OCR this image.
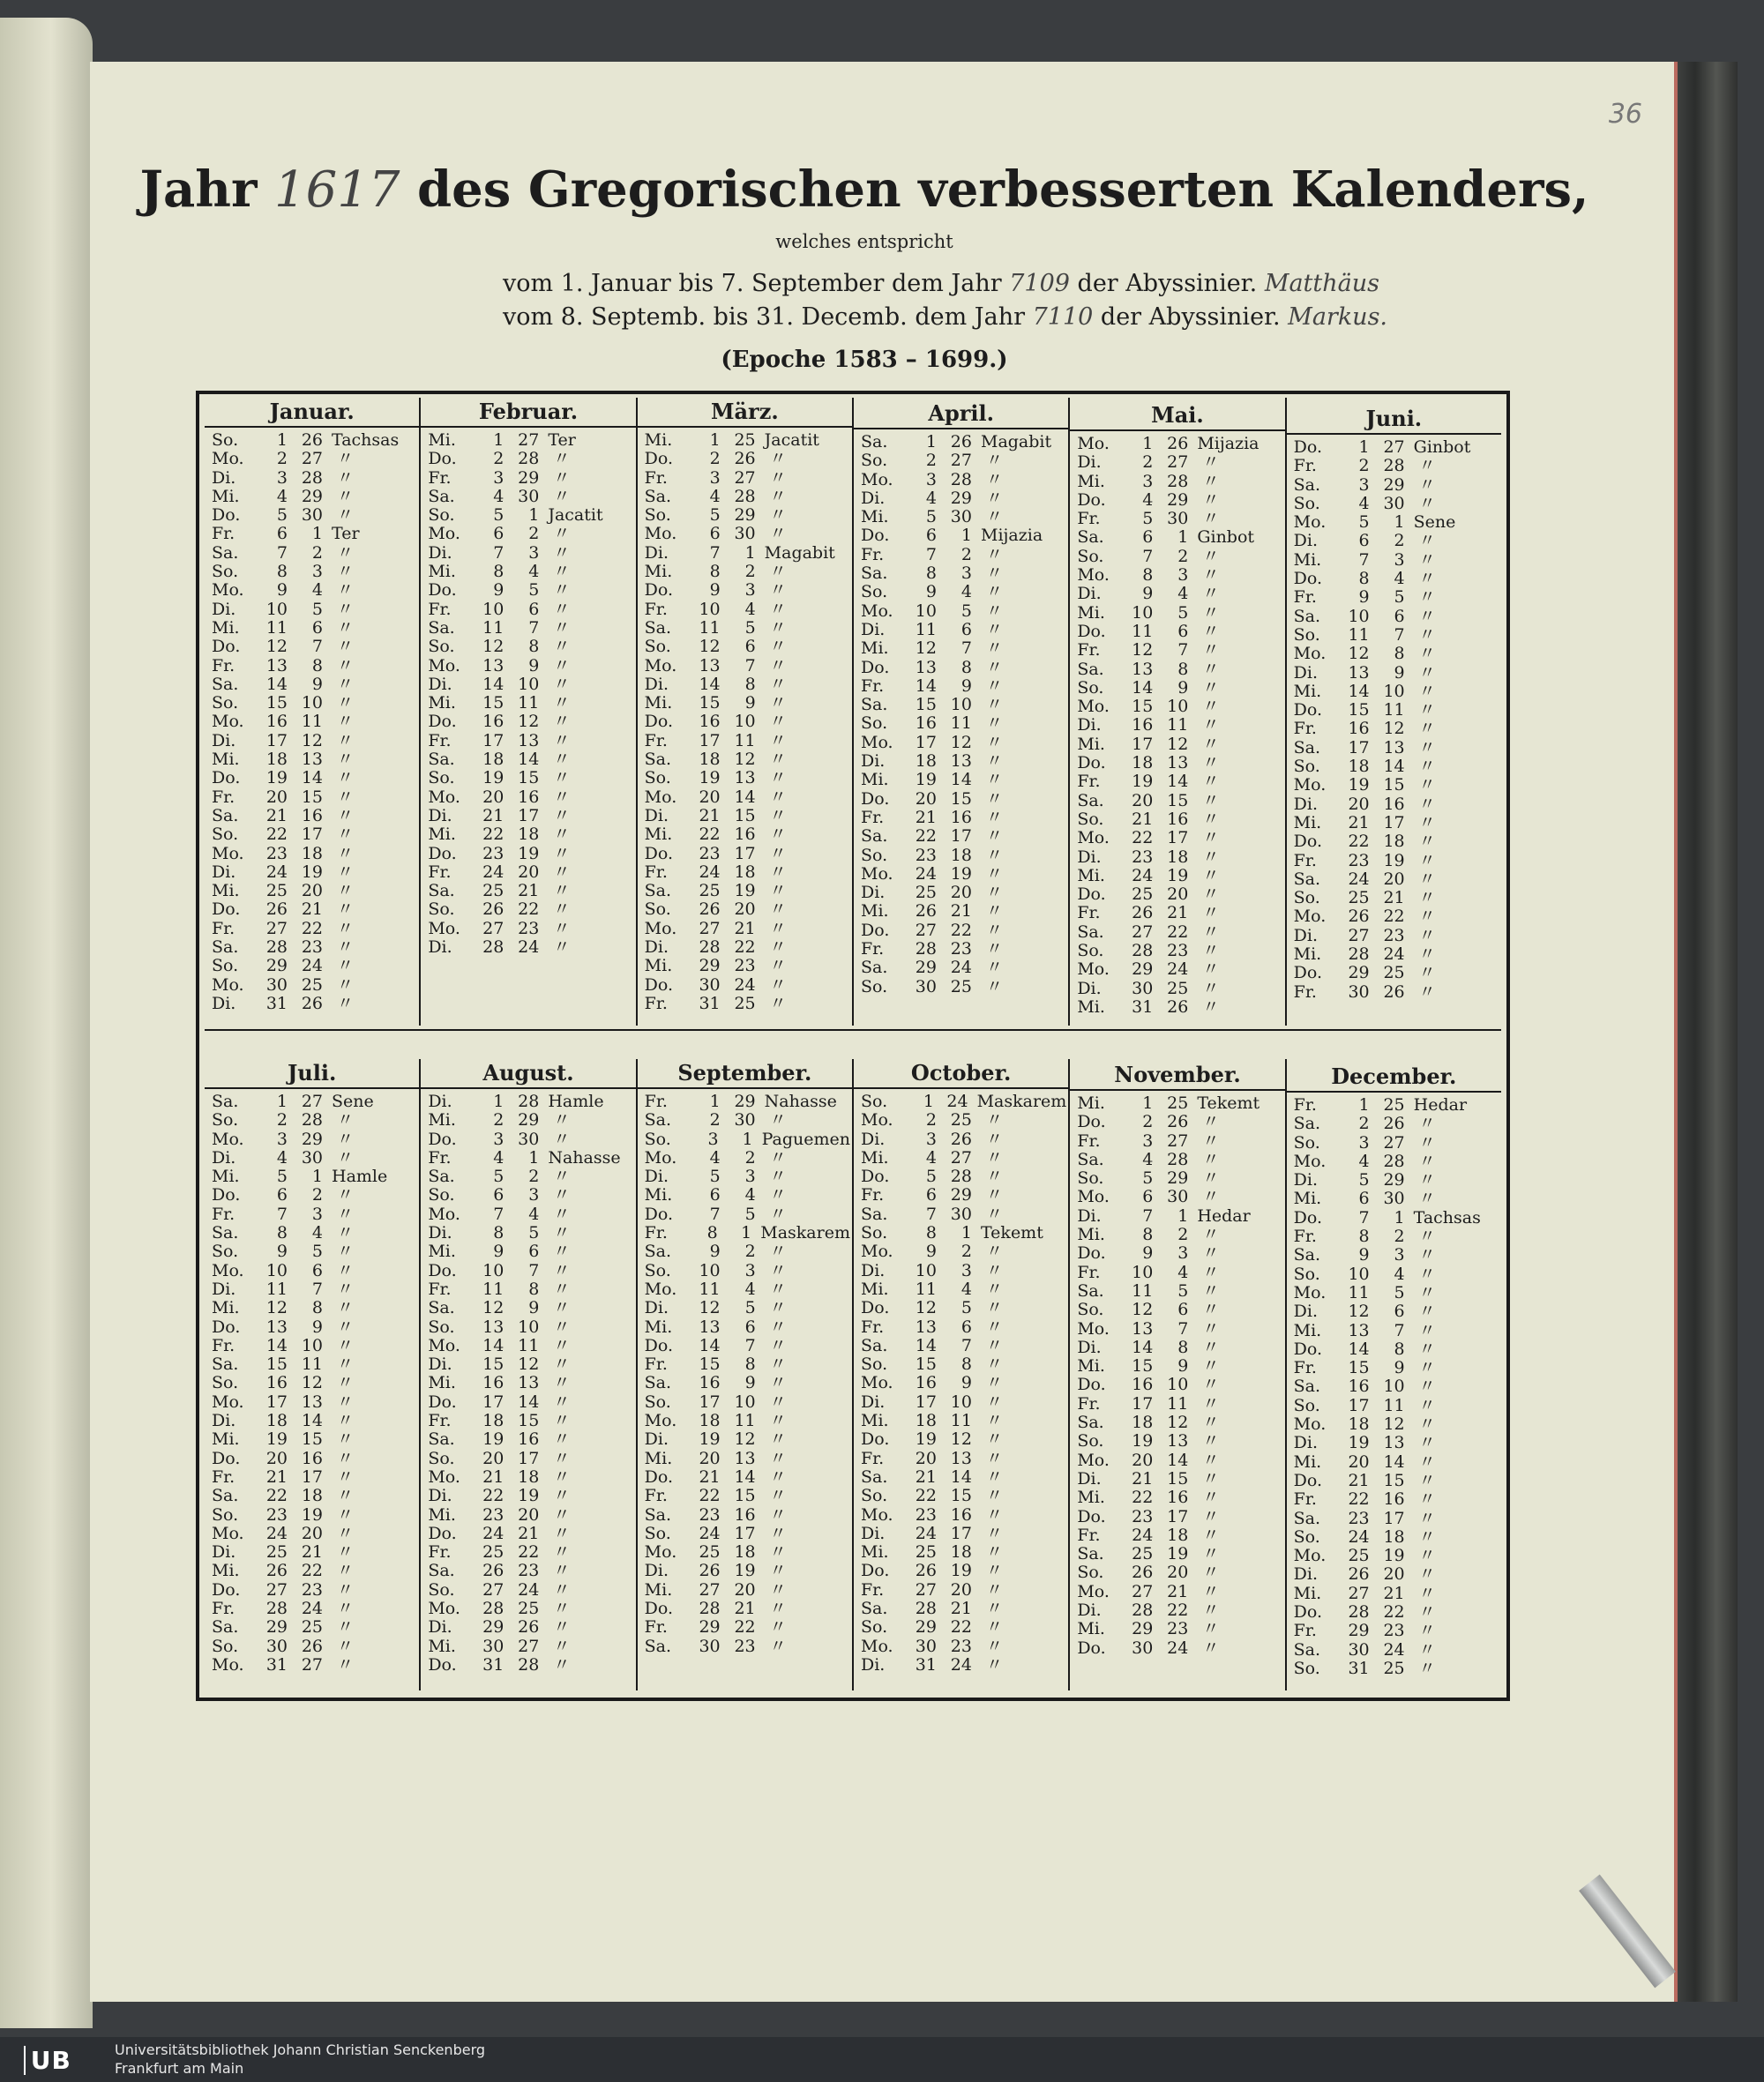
36
Jahr 1617 des Gregorischen verbesserten Kalenders,
welches entspricht
vom 1. Januar bis 7. September dem Jahr 7109 der Abyssinier. Matthäus
vom 8. Septemb. bis 31. Decemb. dem Jahr 7110 der Abyssinier. Markus.
(Epoche 1583 – 1699.)
Januar.
So.	1 26 Tachsas
Mo.	2 27 〃
Di.	3 28 〃
Mi.	4 29 〃
Do.	5 30 〃
Fr.	6	1 Ter
Sa.	7	2 〃
So.	8	3 〃
Mo.	9	4 〃
Di.	10	5 〃
Mi.	11	6 〃
Do.	12	7 〃
Fr.	13	8 〃
Sa.	14	9 〃
So.	15 10 〃
Mo.	16 11 〃
Di.	17 12 〃
Mi.	18 13 〃
Do.	19 14 〃
Fr.	20 15 〃
Sa.	21 16 〃
So.	22 17 〃
Mo.	23 18 〃
Di.	24 19 〃
Mi.	25 20 〃
Do.	26 21 〃
Fr.	27 22 〃
Sa.	28 23 〃
So.	29 24 〃
Mo.	30 25 〃
Di.	31 26 〃
Februar.
Mi.	1 27 Ter
Do.	2 28 〃
Fr.	3 29 〃
Sa.	4 30 〃
So.	5	1 Jacatit
Mo.	6	2 〃
Di.	7	3 〃
Mi.	8	4 〃
Do.	9	5 〃
Fr.	10	6 〃
Sa.	11	7 〃
So.	12	8 〃
Mo.	13	9 〃
Di.	14 10 〃
Mi.	15 11 〃
Do.	16 12 〃
Fr.	17 13 〃
Sa.	18 14 〃
So.	19 15 〃
Mo.	20 16 〃
Di.	21 17 〃
Mi.	22 18 〃
Do.	23 19 〃
Fr.	24 20 〃
Sa.	25 21 〃
So.	26 22 〃
Mo.	27 23 〃
Di.	28 24 〃
März.
Mi.	1 25 Jacatit
Do.	2 26 〃
Fr.	3 27 〃
Sa.	4 28 〃
So.	5 29 〃
Mo.	6 30 〃
Di.	7	1 Magabit
Mi.	8	2 〃
Do.	9	3 〃
Fr.	10	4 〃
Sa.	11	5 〃
So.	12	6 〃
Mo.	13	7 〃
Di.	14	8 〃
Mi.	15	9 〃
Do.	16 10 〃
Fr.	17 11 〃
Sa.	18 12 〃
So.	19 13 〃
Mo.	20 14 〃
Di.	21 15 〃
Mi.	22 16 〃
Do.	23 17 〃
Fr.	24 18 〃
Sa.	25 19 〃
So.	26 20 〃
Mo.	27 21 〃
Di.	28 22 〃
Mi.	29 23 〃
Do.	30 24 〃
Fr.	31 25 〃
April.
Sa.	1 26 Magabit
So.	2 27 〃
Mo.	3 28 〃
Di.	4 29 〃
Mi.	5 30 〃
Do.	6	1 Mijazia
Fr.	7	2 〃
Sa.	8	3 〃
So.	9	4 〃
Mo.	10	5 〃
Di.	11	6 〃
Mi.	12	7 〃
Do.	13	8 〃
Fr.	14	9 〃
Sa.	15 10 〃
So.	16 11 〃
Mo.	17 12 〃
Di.	18 13 〃
Mi.	19 14 〃
Do.	20 15 〃
Fr.	21 16 〃
Sa.	22 17 〃
So.	23 18 〃
Mo.	24 19 〃
Di.	25 20 〃
Mi.	26 21 〃
Do.	27 22 〃
Fr.	28 23 〃
Sa.	29 24 〃
So.	30 25 〃
Mai.
Mo.	1 26 Mijazia
Di.	2 27 〃
Mi.	3 28 〃
Do.	4 29 〃
Fr.	5 30 〃
Sa.	6	1 Ginbot
So.	7	2 〃
Mo.	8	3 〃
Di.	9	4 〃
Mi.	10	5 〃
Do.	11	6 〃
Fr.	12	7 〃
Sa.	13	8 〃
So.	14	9 〃
Mo.	15 10 〃
Di.	16 11 〃
Mi.	17 12 〃
Do.	18 13 〃
Fr.	19 14 〃
Sa.	20 15 〃
So.	21 16 〃
Mo.	22 17 〃
Di.	23 18 〃
Mi.	24 19 〃
Do.	25 20 〃
Fr.	26 21 〃
Sa.	27 22 〃
So.	28 23 〃
Mo.	29 24 〃
Di.	30 25 〃
Mi.	31 26 〃
Juni.
Do.	1 27 Ginbot
Fr.	2 28 〃
Sa.	3 29 〃
So.	4 30 〃
Mo.	5	1 Sene
Di.	6	2 〃
Mi.	7	3 〃
Do.	8	4 〃
Fr.	9	5 〃
Sa.	10	6 〃
So.	11	7 〃
Mo.	12	8 〃
Di.	13	9 〃
Mi.	14 10 〃
Do.	15 11 〃
Fr.	16 12 〃
Sa.	17 13 〃
So.	18 14 〃
Mo.	19 15 〃
Di.	20 16 〃
Mi.	21 17 〃
Do.	22 18 〃
Fr.	23 19 〃
Sa.	24 20 〃
So.	25 21 〃
Mo.	26 22 〃
Di.	27 23 〃
Mi.	28 24 〃
Do.	29 25 〃
Fr.	30 26 〃
Juli.
Sa.	1 27 Sene
So.	2 28 〃
Mo.	3 29 〃
Di.	4 30 〃
Mi.	5	1 Hamle
Do.	6	2 〃
Fr.	7	3 〃
Sa.	8	4 〃
So.	9	5 〃
Mo.	10	6 〃
Di.	11	7 〃
Mi.	12	8 〃
Do.	13	9 〃
Fr.	14 10 〃
Sa.	15 11 〃
So.	16 12 〃
Mo.	17 13 〃
Di.	18 14 〃
Mi.	19 15 〃
Do.	20 16 〃
Fr.	21 17 〃
Sa.	22 18 〃
So.	23 19 〃
Mo.	24 20 〃
Di.	25 21 〃
Mi.	26 22 〃
Do.	27 23 〃
Fr.	28 24 〃
Sa.	29 25 〃
So.	30 26 〃
Mo.	31 27 〃
August.
Di.	1 28 Hamle
Mi.	2 29 〃
Do.	3 30 〃
Fr.	4	1 Nahasse
Sa.	5	2 〃
So.	6	3 〃
Mo.	7	4 〃
Di.	8	5 〃
Mi.	9	6 〃
Do.	10	7 〃
Fr.	11	8 〃
Sa.	12	9 〃
So.	13 10 〃
Mo.	14 11 〃
Di.	15 12 〃
Mi.	16 13 〃
Do.	17 14 〃
Fr.	18 15 〃
Sa.	19 16 〃
So.	20 17 〃
Mo.	21 18 〃
Di.	22 19 〃
Mi.	23 20 〃
Do.	24 21 〃
Fr.	25 22 〃
Sa.	26 23 〃
So.	27 24 〃
Mo.	28 25 〃
Di.	29 26 〃
Mi.	30 27 〃
Do.	31 28 〃
September.
Fr.	1 29 Nahasse
Sa.	2 30 〃
So.	3	1 Paguemen
Mo.	4	2 〃
Di.	5	3 〃
Mi.	6	4 〃
Do.	7	5 〃
Fr.	8	1 Maskarem
Sa.	9	2 〃
So.	10	3 〃
Mo.	11	4 〃
Di.	12	5 〃
Mi.	13	6 〃
Do.	14	7 〃
Fr.	15	8 〃
Sa.	16	9 〃
So.	17 10 〃
Mo.	18 11 〃
Di.	19 12 〃
Mi.	20 13 〃
Do.	21 14 〃
Fr.	22 15 〃
Sa.	23 16 〃
So.	24 17 〃
Mo.	25 18 〃
Di.	26 19 〃
Mi.	27 20 〃
Do.	28 21 〃
Fr.	29 22 〃
Sa.	30 23 〃
October.
So.	1 24 Maskarem
Mo.	2 25 〃
Di.	3 26 〃
Mi.	4 27 〃
Do.	5 28 〃
Fr.	6 29 〃
Sa.	7 30 〃
So.	8	1 Tekemt
Mo.	9	2 〃
Di.	10	3 〃
Mi.	11	4 〃
Do.	12	5 〃
Fr.	13	6 〃
Sa.	14	7 〃
So.	15	8 〃
Mo.	16	9 〃
Di.	17 10 〃
Mi.	18 11 〃
Do.	19 12 〃
Fr.	20 13 〃
Sa.	21 14 〃
So.	22 15 〃
Mo.	23 16 〃
Di.	24 17 〃
Mi.	25 18 〃
Do.	26 19 〃
Fr.	27 20 〃
Sa.	28 21 〃
So.	29 22 〃
Mo.	30 23 〃
Di.	31 24 〃
November.
Mi.	1 25 Tekemt
Do.	2 26 〃
Fr.	3 27 〃
Sa.	4 28 〃
So.	5 29 〃
Mo.	6 30 〃
Di.	7	1 Hedar
Mi.	8	2 〃
Do.	9	3 〃
Fr.	10	4 〃
Sa.	11	5 〃
So.	12	6 〃
Mo.	13	7 〃
Di.	14	8 〃
Mi.	15	9 〃
Do.	16 10 〃
Fr.	17 11 〃
Sa.	18 12 〃
So.	19 13 〃
Mo.	20 14 〃
Di.	21 15 〃
Mi.	22 16 〃
Do.	23 17 〃
Fr.	24 18 〃
Sa.	25 19 〃
So.	26 20 〃
Mo.	27 21 〃
Di.	28 22 〃
Mi.	29 23 〃
Do.	30 24 〃
December.
Fr.	1 25 Hedar
Sa.	2 26 〃
So.	3 27 〃
Mo.	4 28 〃
Di.	5 29 〃
Mi.	6 30 〃
Do.	7	1 Tachsas
Fr.	8	2 〃
Sa.	9	3 〃
So.	10	4 〃
Mo.	11	5 〃
Di.	12	6 〃
Mi.	13	7 〃
Do.	14	8 〃
Fr.	15	9 〃
Sa.	16 10 〃
So.	17 11 〃
Mo.	18 12 〃
Di.	19 13 〃
Mi.	20 14 〃
Do.	21 15 〃
Fr.	22 16 〃
Sa.	23 17 〃
So.	24 18 〃
Mo.	25 19 〃
Di.	26 20 〃
Mi.	27 21 〃
Do.	28 22 〃
Fr.	29 23 〃
Sa.	30 24 〃
So.	31 25 〃
UB	Universitätsbibliothek Johann Christian Senckenberg
Frankfurt am Main
